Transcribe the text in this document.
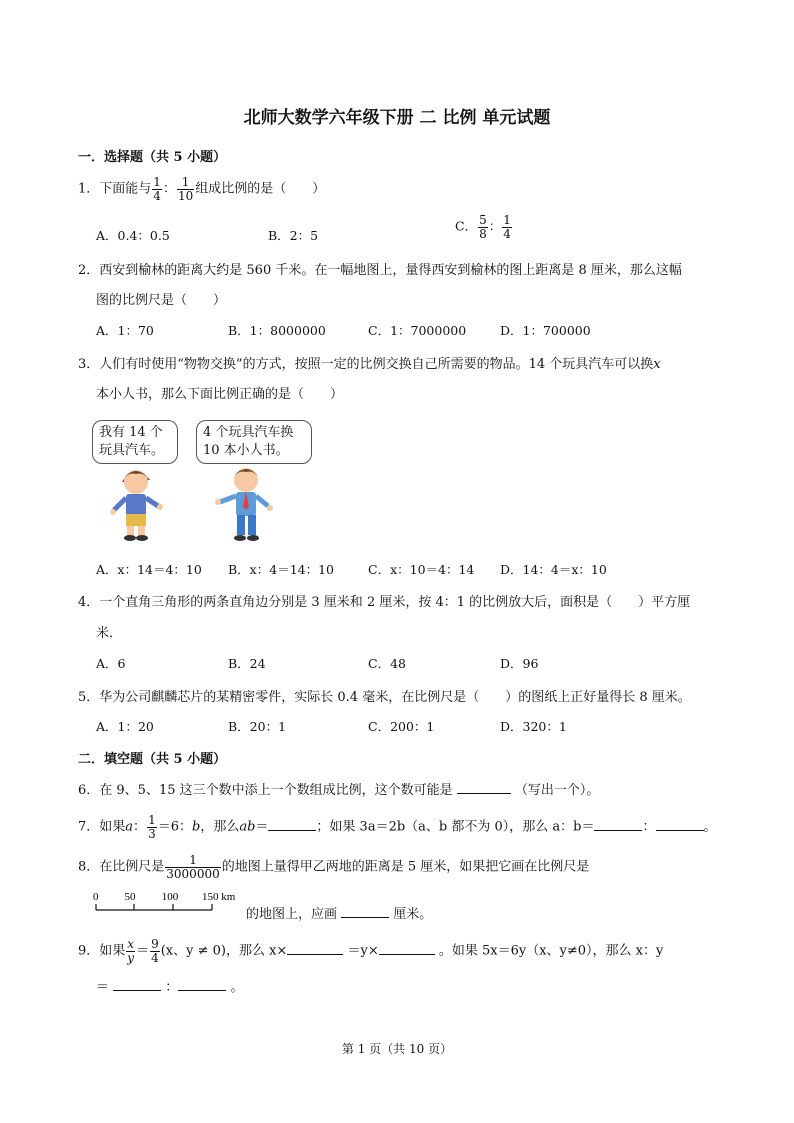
北师大数学六年级下册 二 比例 单元试题
一．选择题（共 5 小题）
1．下面能与 $\frac{1}{4}$ ： $\frac{1}{10}$ 组成比例的是（　　）
A．0.4：0.5	B．2：5
C． $\frac{5}{8}$ ： $\frac{1}{4}$
2．西安到榆林的距离大约是 560 千米。在一幅地图上，量得西安到榆林的图上距离是 8 厘米，那么这幅
图的比例尺是（　　）
A．1：70	B．1：8000000	C．1：7000000	D．1：700000
3．人们有时使用“物物交换”的方式，按照一定的比例交换自己所需要的物品。14 个玩具汽车可以换x
本小人书，那么下面比例正确的是（　　）
我有 14 个玩具汽车。
4 个玩具汽车换 10 本小人书。
A．x：14＝4：10 B．x：4＝14：10	C．x：10＝4：14 D．14：4＝x：10
4．一个直角三角形的两条直角边分别是 3 厘米和 2 厘米，按 4：1 的比例放大后，面积是（　　）平方厘
米．
A．6	B．24	C．48	D．96
5．华为公司麒麟芯片的某精密零件，实际长 0.4 毫米，在比例尺是（　　）的图纸上正好量得长 8 厘米。
A．1：20	B．20：1	C．200：1	D．320：1
二．填空题（共 5 小题）
6．在 9、5、15 这三个数中添上一个数组成比例，这个数可能是	（写出一个）。
7．如果a： $\frac{1}{3} =6$：b，那么ab＝	；如果 3a＝2b（a、b 都不为 0），那么 a：b＝	：	。
8．在比例尺是 $\frac{1}{3000000}$ 的地图上量得甲乙两地的距离是 5 厘米，如果把它画在比例尺是
0 50 100 150 km
的地图上，应画	厘米。
9．如果 $\frac{x}{y} = \frac{9}{4} (x$、y ≠ 0)，那么 x×	＝y×	。如果 5x＝6y（x、y≠0），那么 x：y
＝	：	。
第 1 页（共 10 页）
